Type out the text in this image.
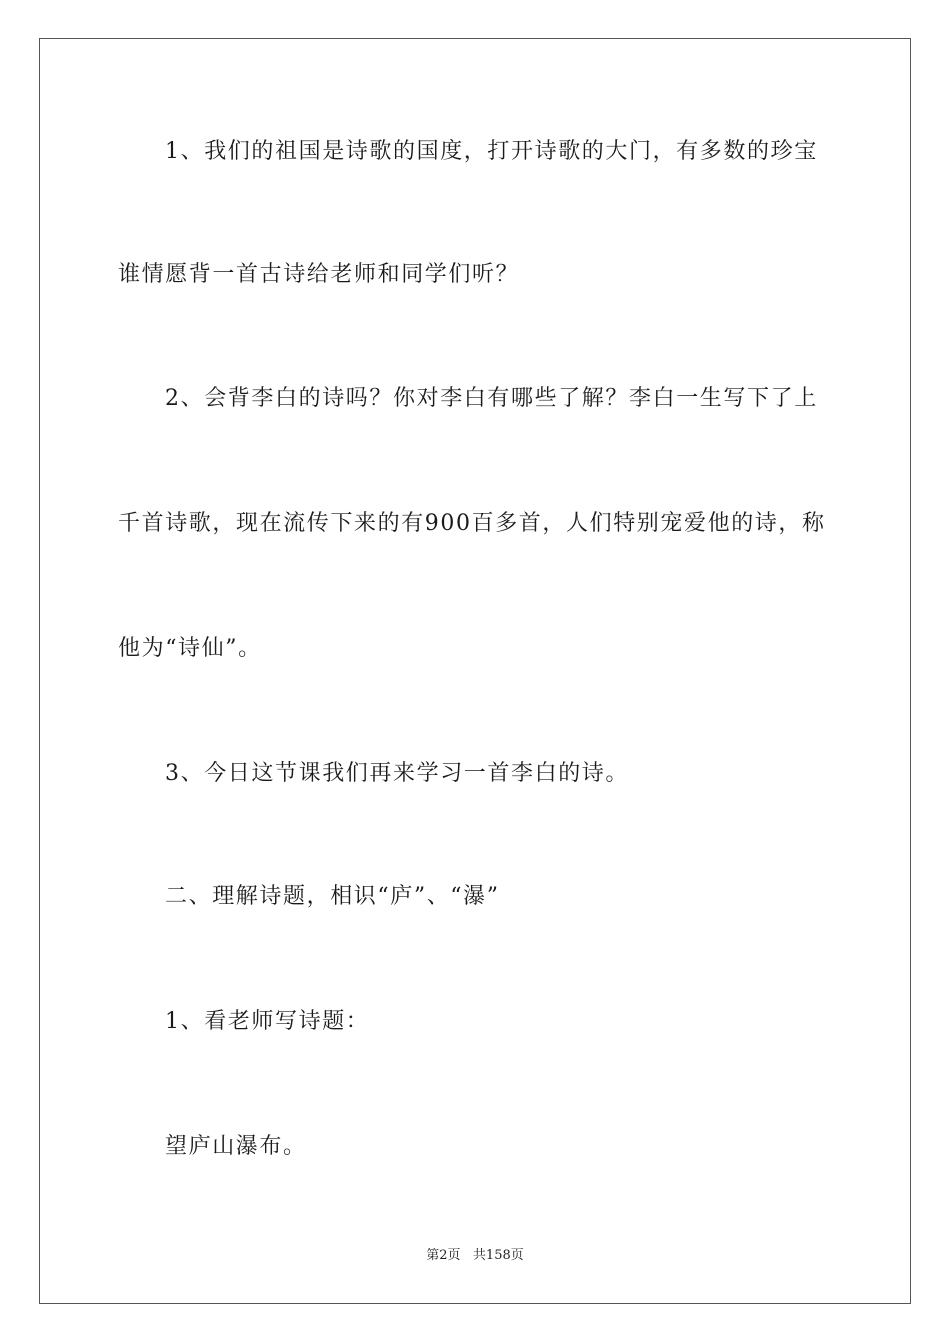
1、我们的祖国是诗歌的国度，打开诗歌的大门，有多数的珍宝
谁情愿背一首古诗给老师和同学们听？
2、会背李白的诗吗？你对李白有哪些了解？李白一生写下了上
千首诗歌，现在流传下来的有900百多首，人们特别宠爱他的诗，称
他为“诗仙”。
3、今日这节课我们再来学习一首李白的诗。
二、理解诗题，相识“庐”、“瀑”
1、看老师写诗题：
望庐山瀑布。
第2页 共158页
